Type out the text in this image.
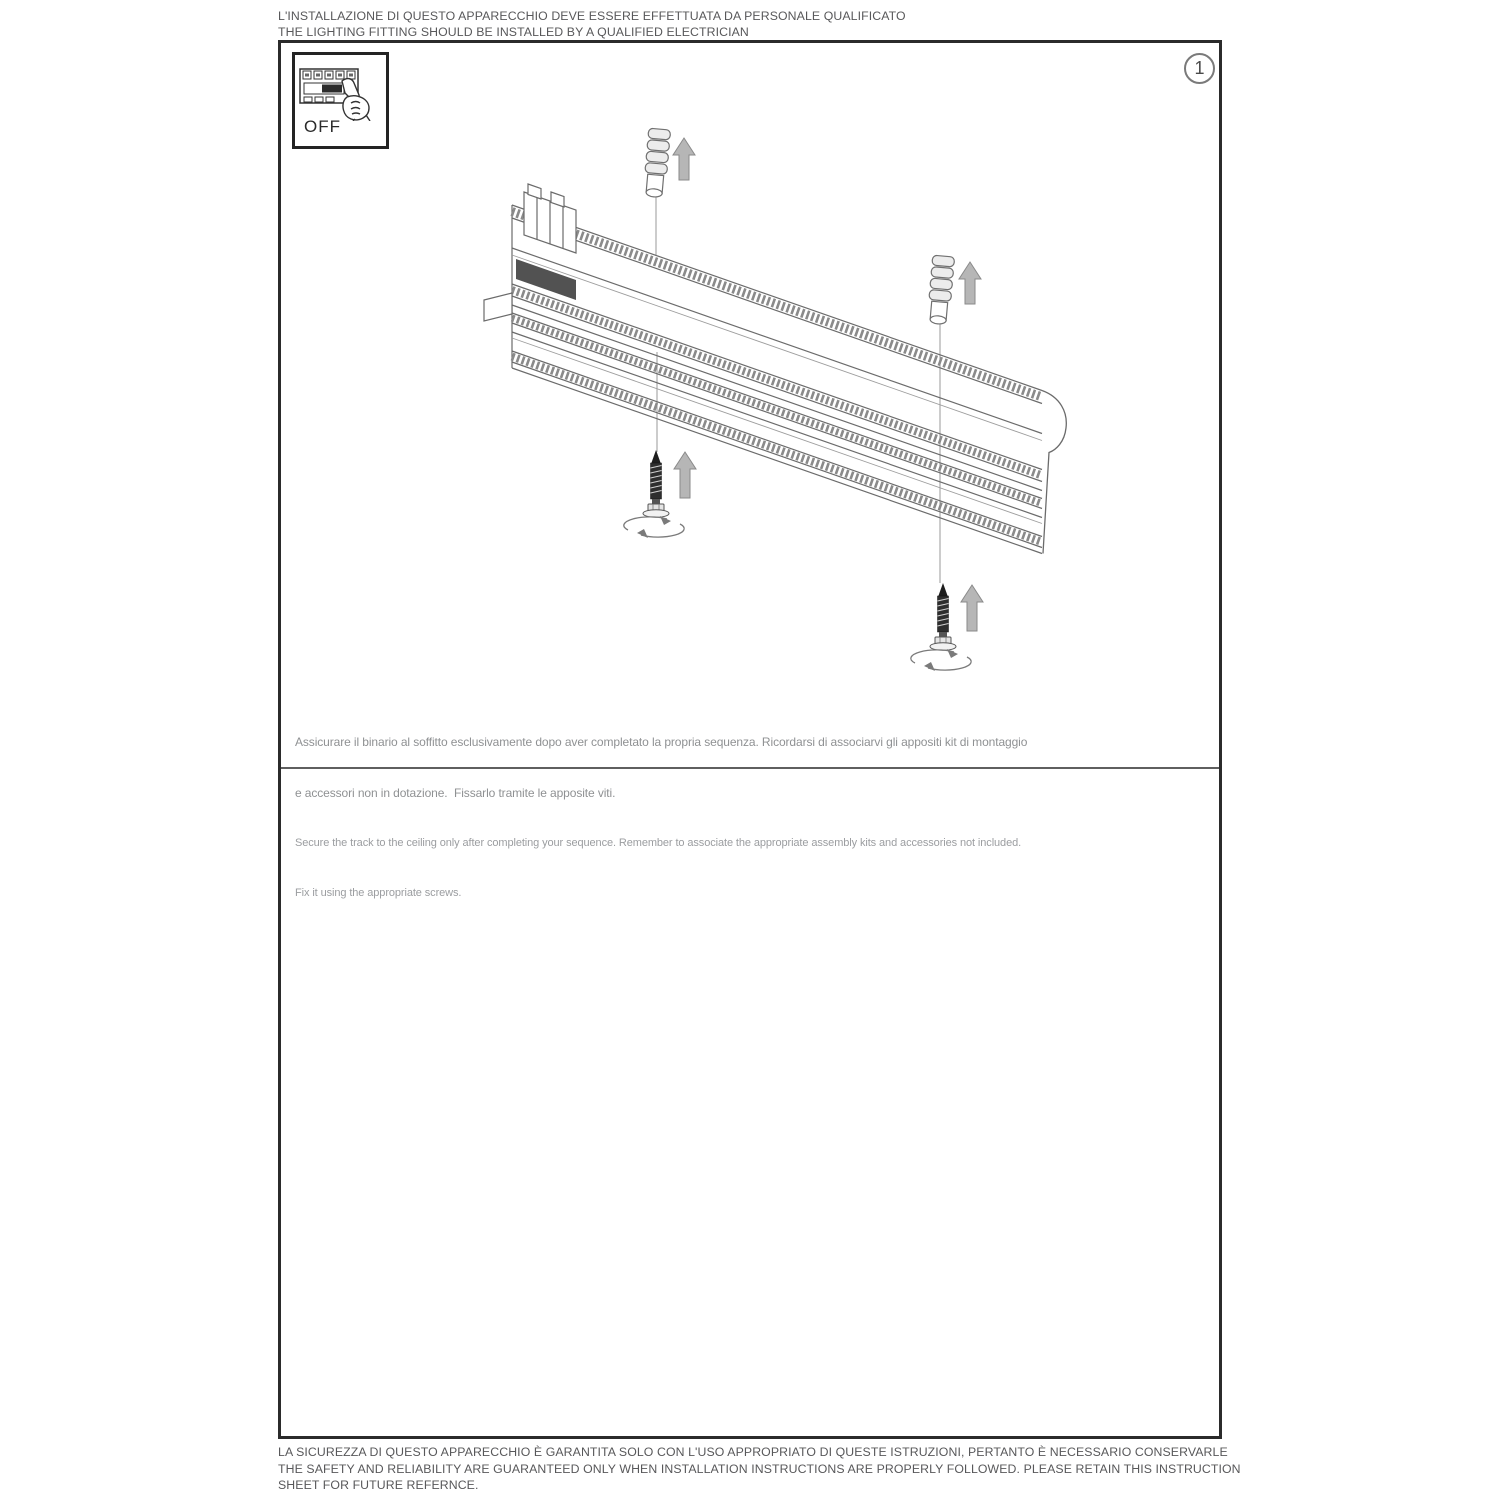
L'INSTALLAZIONE DI QUESTO APPARECCHIO DEVE ESSERE EFFETTUATA DA PERSONALE QUALIFICATO
THE LIGHTING FITTING SHOULD BE INSTALLED BY A QUALIFIED ELECTRICIAN
OFF
1

Assicurare il binario al soffitto esclusivamente dopo aver completato la propria sequenza. Ricordarsi di associarvi gli appositi kit di montaggio

e accessori non in dotazione.  Fissarlo tramite le apposite viti.

Secure the track to the ceiling only after completing your sequence. Remember to associate the appropriate assembly kits and accessories not included.

Fix it using the appropriate screws.

LA SICUREZZA DI QUESTO APPARECCHIO È GARANTITA SOLO CON L'USO APPROPRIATO DI QUESTE ISTRUZIONI, PERTANTO È NECESSARIO CONSERVARLE
THE SAFETY AND RELIABILITY ARE GUARANTEED ONLY WHEN INSTALLATION INSTRUCTIONS ARE PROPERLY FOLLOWED. PLEASE RETAIN THIS INSTRUCTION
SHEET FOR FUTURE REFERNCE.
